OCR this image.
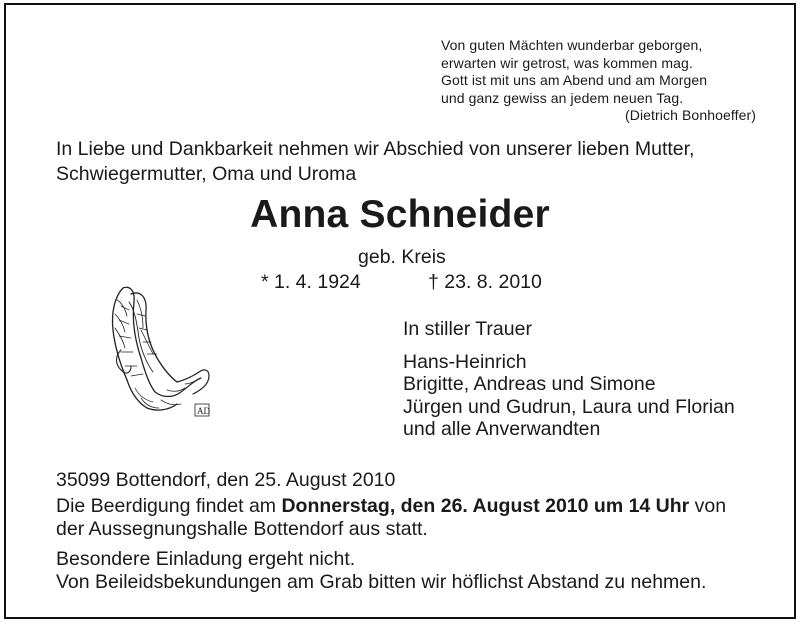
Von guten Mächten wunderbar geborgen,
erwarten wir getrost, was kommen mag.
Gott ist mit uns am Abend und am Morgen
und ganz gewiss an jedem neuen Tag.
(Dietrich Bonhoeffer)
In Liebe und Dankbarkeit nehmen wir Abschied von unserer lieben Mutter,
Schwiegermutter, Oma und Uroma
Anna Schneider
geb. Kreis
* 1. 4. 1924	† 23. 8. 2010
AD
In stiller Trauer
Hans-Heinrich
Brigitte, Andreas und Simone
Jürgen und Gudrun, Laura und Florian
und alle Anverwandten
35099 Bottendorf, den 25. August 2010
Die Beerdigung findet am Donnerstag, den 26. August 2010 um 14 Uhr von
der Aussegnungshalle Bottendorf aus statt.
Besondere Einladung ergeht nicht.
Von Beileidsbekundungen am Grab bitten wir höflichst Abstand zu nehmen.
